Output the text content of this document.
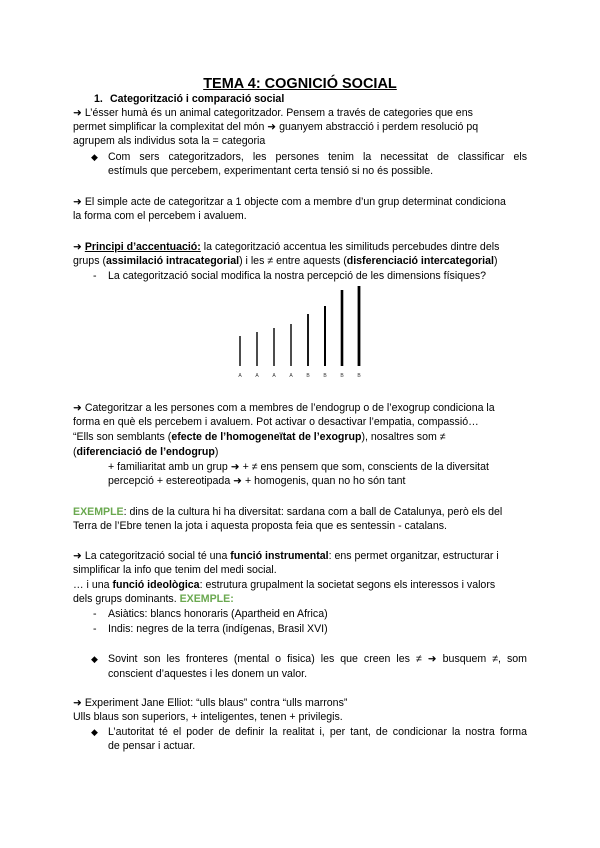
TEMA 4: COGNICIÓ SOCIAL
1. Categorització i comparació social
➜ L’ésser humà és un animal categoritzador. Pensem a través de categories que ens
permet simplificar la complexitat del món ➜ guanyem abstracció i perdem resolució pq
agrupem als individus sota la = categoria
◆ Com sers categoritzadors, les persones tenim la necessitat de classificar els
estímuls que percebem, experimentant certa tensió si no és possible.
➜ El simple acte de categoritzar a 1 objecte com a membre d’un grup determinat condiciona
la forma com el percebem i avaluem.
➜ Principi d’accentuació: la categorització accentua les similituds percebudes dintre dels
grups (assimilació intracategorial) i les ≠ entre aquests (disferenciació intercategorial)
- La categorització social modifica la nostra percepció de les dimensions físiques?
A	A	A	A	B	B	B	B
➜ Categoritzar a les persones com a membres de l’endogrup o de l’exogrup condiciona la
forma en què els percebem i avaluem. Pot activar o desactivar l’empatia, compassió…
“Ells son semblants (efecte de l’homogeneïtat de l’exogrup), nosaltres som ≠
(diferenciació de l’endogrup)
+ familiaritat amb un grup ➜ + ≠ ens pensem que som, conscients de la diversitat
percepció + estereotipada ➜ + homogenis, quan no ho són tant
EXEMPLE: dins de la cultura hi ha diversitat: sardana com a ball de Catalunya, però els del
Terra de l’Ebre tenen la jota i aquesta proposta feia que es sentessin - catalans.
➜ La categorització social té una funció instrumental: ens permet organitzar, estructurar i
simplificar la info que tenim del medi social.
… i una funció ideològica: estrutura grupalment la societat segons els interessos i valors
dels grups dominants. EXEMPLE:
- Asiàtics: blancs honoraris (Apartheid en Africa)
- Indis: negres de la terra (indígenas, Brasil XVI)
◆ Sovint son les fronteres (mental o fisica) les que creen les ≠ ➜ busquem ≠, som
conscient d’aquestes i les donem un valor.
➜ Experiment Jane Elliot: “ulls blaus” contra “ulls marrons”
Ulls blaus son superiors, + inteligentes, tenen + privilegis.
◆ L’autoritat té el poder de definir la realitat i, per tant, de condicionar la nostra forma
de pensar i actuar.
